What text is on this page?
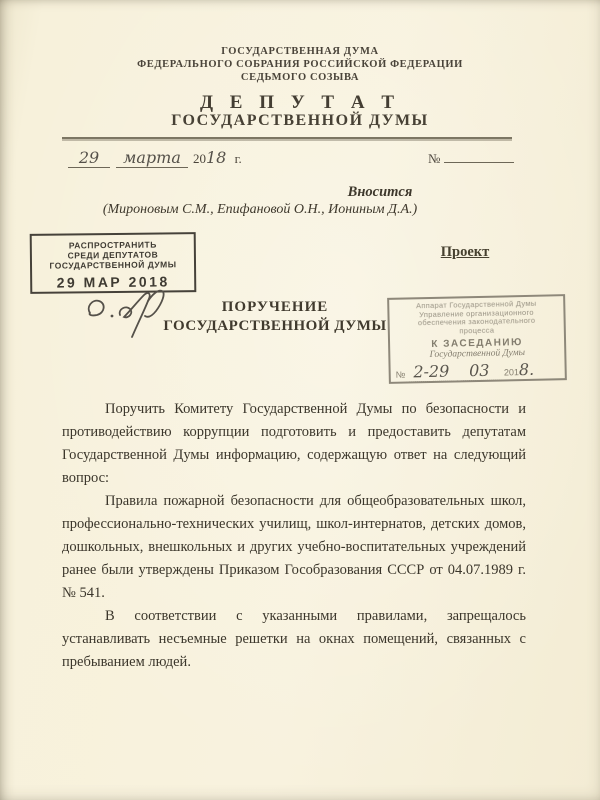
ГОСУДАРСТВЕННАЯ ДУМА
ФЕДЕРАЛЬНОГО СОБРАНИЯ РОССИЙСКОЙ ФЕДЕРАЦИИ
СЕДЬМОГО СОЗЫВА
Д Е П У Т А Т
ГОСУДАРСТВЕННОЙ ДУМЫ
29 марта 2018 г.	№
Вносится
(Мироновым С.М., Епифановой О.Н., Иониным Д.А.)
РАСПРОСТРАНИТЬ
СРЕДИ ДЕПУТАТОВ
ГОСУДАРСТВЕННОЙ ДУМЫ
29 МАР 2018
Проект
ПОРУЧЕНИЕ
ГОСУДАРСТВЕННОЙ ДУМЫ
Аппарат Государственной Думы
Управление организационного
обеспечения законодательного
процесса
К ЗАСЕДАНИЮ
Государственной Думы
№ 2-29 03 2018.

Поручить Комитету Государственной Думы по безопасности и противодействию коррупции подготовить и предоставить депутатам Государственной Думы информацию, содержащую ответ на следующий вопрос:

Правила пожарной безопасности для общеобразовательных школ, профессионально-технических училищ, школ-интернатов, детских домов, дошкольных, внешкольных и других учебно-воспитательных учреждений ранее были утверждены Приказом Гособразования СССР от 04.07.1989 г. № 541.

В соответствии с указанными правилами, запрещалось устанавливать несъемные решетки на окнах помещений, связанных с пребыванием людей.
